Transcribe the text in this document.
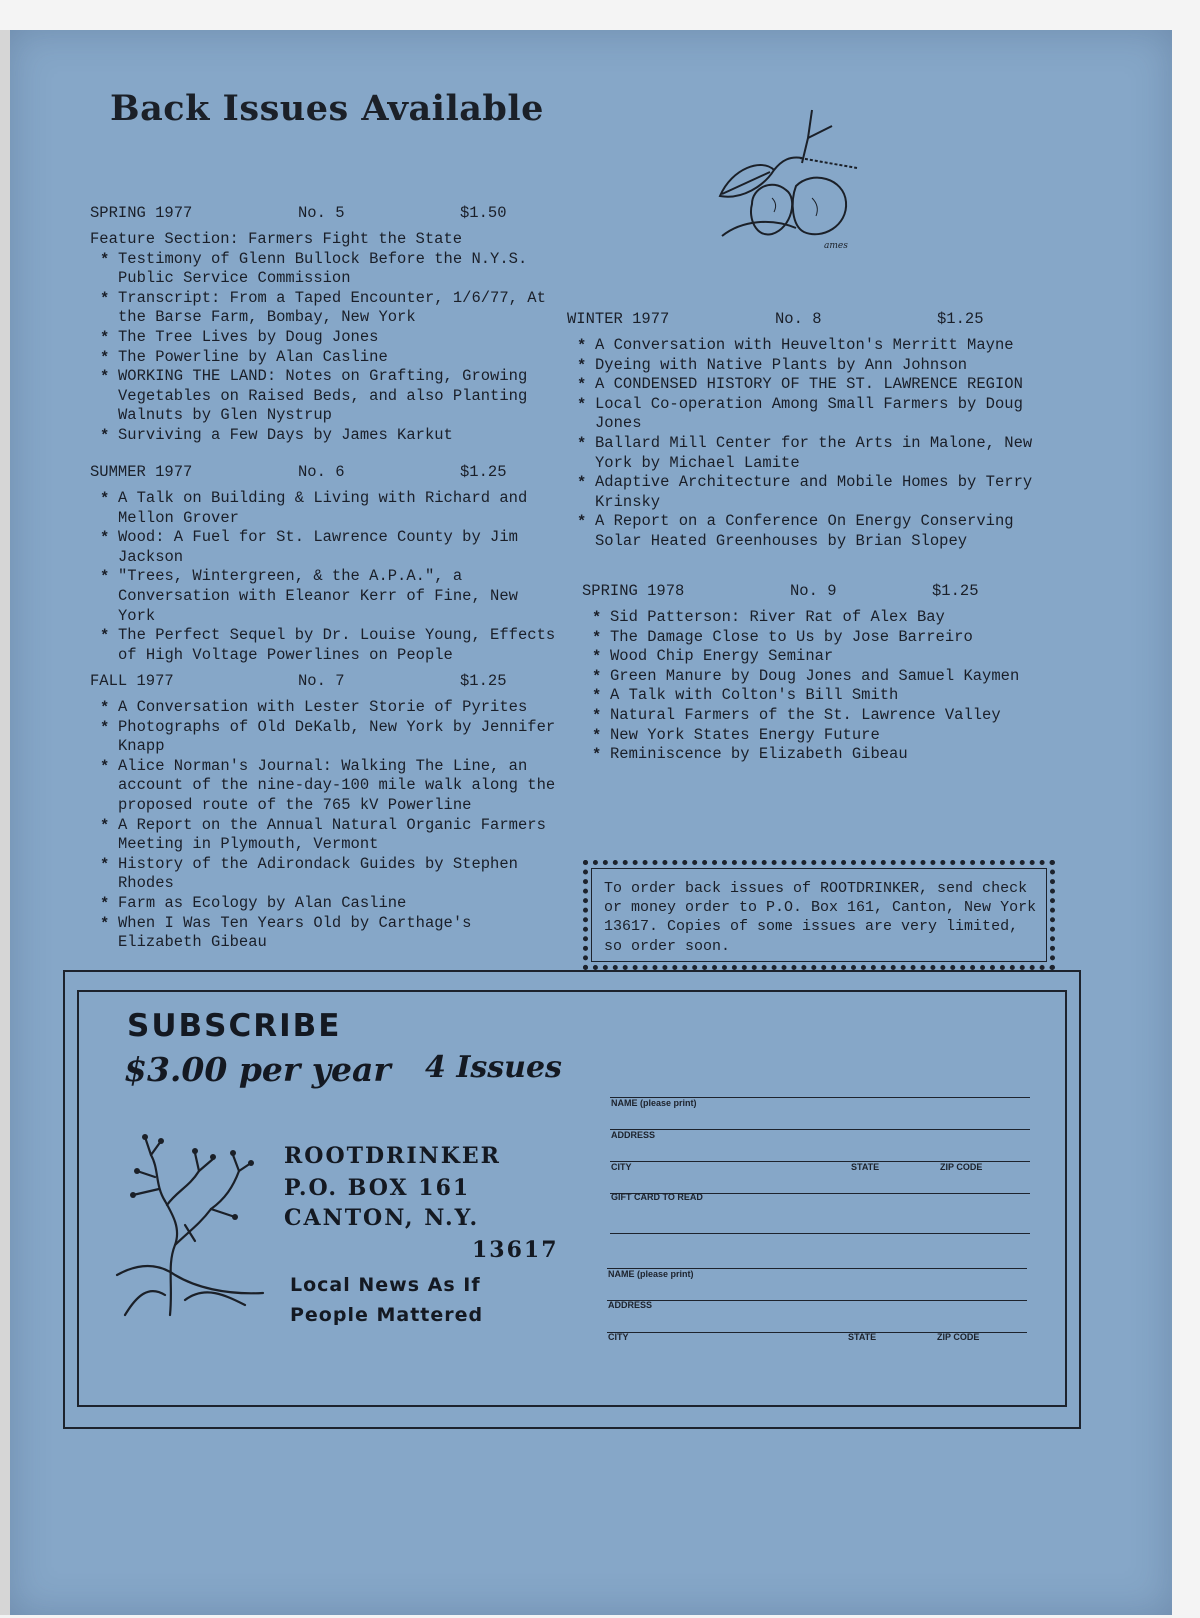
Back Issues Available
ames
SPRING 1977	No. 5	$1.50

Feature Section: Farmers Fight the State

* Testimony of Glenn Bullock Before the N.Y.S. Public Service Commission
* Transcript: From a Taped Encounter, 1/6/77, At the Barse Farm, Bombay, New York
* The Tree Lives by Doug Jones
* The Powerline by Alan Casline
* WORKING THE LAND: Notes on Grafting, Growing Vegetables on Raised Beds, and also Planting Walnuts by Glen Nystrup
* Surviving a Few Days by James Karkut
SUMMER 1977	No. 6	$1.25
* A Talk on Building & Living with Richard and Mellon Grover
* Wood: A Fuel for St. Lawrence County by Jim Jackson
* "Trees, Wintergreen, & the A.P.A.", a Conversation with Eleanor Kerr of Fine, New York
* The Perfect Sequel by Dr. Louise Young, Effects of High Voltage Powerlines on People
FALL 1977	No. 7	$1.25
* A Conversation with Lester Storie of Pyrites
* Photographs of Old DeKalb, New York by Jennifer Knapp
* Alice Norman's Journal: Walking The Line, an account of the nine-day-100 mile walk along the proposed route of the 765 kV Powerline
* A Report on the Annual Natural Organic Farmers Meeting in Plymouth, Vermont
* History of the Adirondack Guides by Stephen Rhodes
* Farm as Ecology by Alan Casline
* When I Was Ten Years Old by Carthage's Elizabeth Gibeau
WINTER 1977	No. 8	$1.25
* A Conversation with Heuvelton's Merritt Mayne
* Dyeing with Native Plants by Ann Johnson
* A CONDENSED HISTORY OF THE ST. LAWRENCE REGION
* Local Co-operation Among Small Farmers by Doug Jones
* Ballard Mill Center for the Arts in Malone, New York by Michael Lamite
* Adaptive Architecture and Mobile Homes by Terry Krinsky
* A Report on a Conference On Energy Conserving Solar Heated Greenhouses by Brian Slopey
SPRING 1978	No. 9	$1.25
* Sid Patterson: River Rat of Alex Bay
* The Damage Close to Us by Jose Barreiro
* Wood Chip Energy Seminar
* Green Manure by Doug Jones and Samuel Kaymen
* A Talk with Colton's Bill Smith
* Natural Farmers of the St. Lawrence Valley
* New York States Energy Future
* Reminiscence by Elizabeth Gibeau

To order back issues of ROOTDRINKER, send check or money order to P.O. Box 161, Canton, New York 13617. Copies of some issues are very limited, so order soon.

SUBSCRIBE
$3.00 per year 4 Issues

ROOTDRINKER

P.O. BOX 161

CANTON, N.Y.

13617

Local News As If

People Mattered

NAME (please print)
ADDRESS
CITY	STATE	ZIP CODE
GIFT CARD TO READ
NAME (please print)
ADDRESS
CITY	STATE	ZIP CODE
